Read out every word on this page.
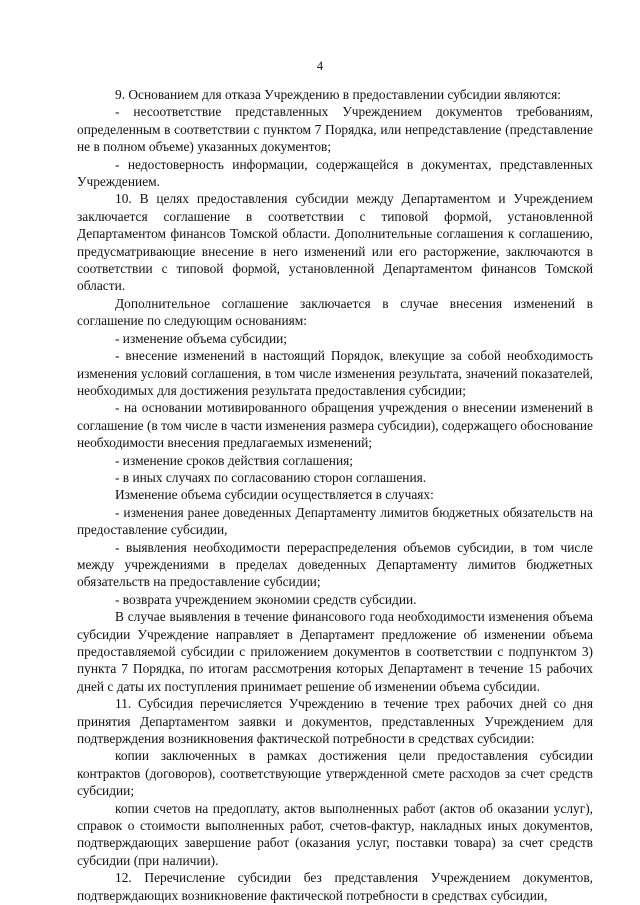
4

9. Основанием для отказа Учреждению в предоставлении субсидии являются:

- несоответствие представленных Учреждением документов требованиям, определенным в соответствии с пунктом 7 Порядка, или непредставление (представление не в полном объеме) указанных документов;

- недостоверность информации, содержащейся в документах, представленных Учреждением.

10. В целях предоставления субсидии между Департаментом и Учреждением заключается соглашение в соответствии с типовой формой, установленной Департаментом финансов Томской области. Дополнительные соглашения к соглашению, предусматривающие внесение в него изменений или его расторжение, заключаются в соответствии с типовой формой, установленной Департаментом финансов Томской области.

Дополнительное соглашение заключается в случае внесения изменений в соглашение по следующим основаниям:

- изменение объема субсидии;

- внесение изменений в настоящий Порядок, влекущие за собой необходимость изменения условий соглашения, в том числе изменения результата, значений показателей, необходимых для достижения результата предоставления субсидии;

- на основании мотивированного обращения учреждения о внесении изменений в соглашение (в том числе в части изменения размера субсидии), содержащего обоснование необходимости внесения предлагаемых изменений;

- изменение сроков действия соглашения;

- в иных случаях по согласованию сторон соглашения.

Изменение объема субсидии осуществляется в случаях:

- изменения ранее доведенных Департаменту лимитов бюджетных обязательств на предоставление субсидии,

- выявления необходимости перераспределения объемов субсидии, в том числе между учреждениями в пределах доведенных Департаменту лимитов бюджетных обязательств на предоставление субсидии;

- возврата учреждением экономии средств субсидии.

В случае выявления в течение финансового года необходимости изменения объема субсидии Учреждение направляет в Департамент предложение об изменении объема предоставляемой субсидии с приложением документов в соответствии с подпунктом 3) пункта 7 Порядка, по итогам рассмотрения которых Департамент в течение 15 рабочих дней с даты их поступления принимает решение об изменении объема субсидии.

11. Субсидия перечисляется Учреждению в течение трех рабочих дней со дня принятия Департаментом заявки и документов, представленных Учреждением для подтверждения возникновения фактической потребности в средствах субсидии:

копии заключенных в рамках достижения цели предоставления субсидии контрактов (договоров), соответствующие утвержденной смете расходов за счет средств субсидии;

копии счетов на предоплату, актов выполненных работ (актов об оказании услуг), справок о стоимости выполненных работ, счетов-фактур, накладных иных документов, подтверждающих завершение работ (оказания услуг, поставки товара) за счет средств субсидии (при наличии).

12. Перечисление субсидии без представления Учреждением документов, подтверждающих возникновение фактической потребности в средствах субсидии,
